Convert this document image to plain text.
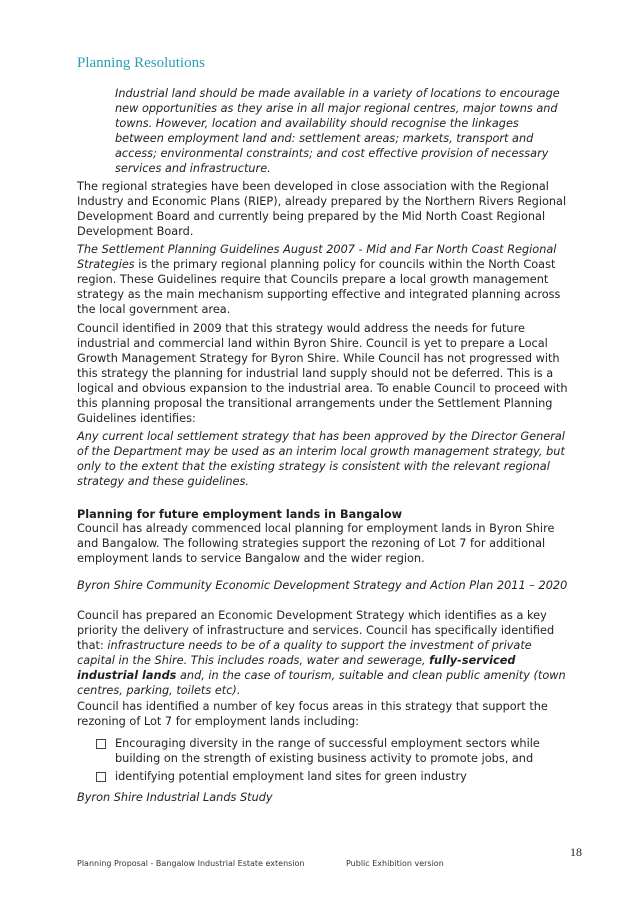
Planning Resolutions

Industrial land should be made available in a variety of locations to encourage new opportunities as they arise in all major regional centres, major towns and towns. However, location and availability should recognise the linkages between employment land and: settlement areas; markets, transport and access; environmental constraints; and cost effective provision of necessary services and infrastructure.

The regional strategies have been developed in close association with the Regional Industry and Economic Plans (RIEP), already prepared by the Northern Rivers Regional Development Board and currently being prepared by the Mid North Coast Regional Development Board.

The Settlement Planning Guidelines August 2007 - Mid and Far North Coast Regional Strategies is the primary regional planning policy for councils within the North Coast region. These Guidelines require that Councils prepare a local growth management strategy as the main mechanism supporting effective and integrated planning across the local government area.

Council identified in 2009 that this strategy would address the needs for future industrial and commercial land within Byron Shire. Council is yet to prepare a Local Growth Management Strategy for Byron Shire. While Council has not progressed with this strategy the planning for industrial land supply should not be deferred. This is a logical and obvious expansion to the industrial area. To enable Council to proceed with this planning proposal the transitional arrangements under the Settlement Planning Guidelines identifies:

Any current local settlement strategy that has been approved by the Director General of the Department may be used as an interim local growth management strategy, but only to the extent that the existing strategy is consistent with the relevant regional strategy and these guidelines.

Planning for future employment lands in Bangalow

Council has already commenced local planning for employment lands in Byron Shire and Bangalow. The following strategies support the rezoning of Lot 7 for additional employment lands to service Bangalow and the wider region.

Byron Shire Community Economic Development Strategy and Action Plan 2011 – 2020

Council has prepared an Economic Development Strategy which identifies as a key priority the delivery of infrastructure and services. Council has specifically identified that: infrastructure needs to be of a quality to support the investment of private capital in the Shire. This includes roads, water and sewerage, fully-serviced industrial lands and, in the case of tourism, suitable and clean public amenity (town centres, parking, toilets etc).

Council has identified a number of key focus areas in this strategy that support the rezoning of Lot 7 for employment lands including:

Encouraging diversity in the range of successful employment sectors while building on the strength of existing business activity to promote jobs, and
identifying potential employment land sites for green industry

Byron Shire Industrial Lands Study

18
Planning Proposal - Bangalow Industrial Estate extension	Public Exhibition version
